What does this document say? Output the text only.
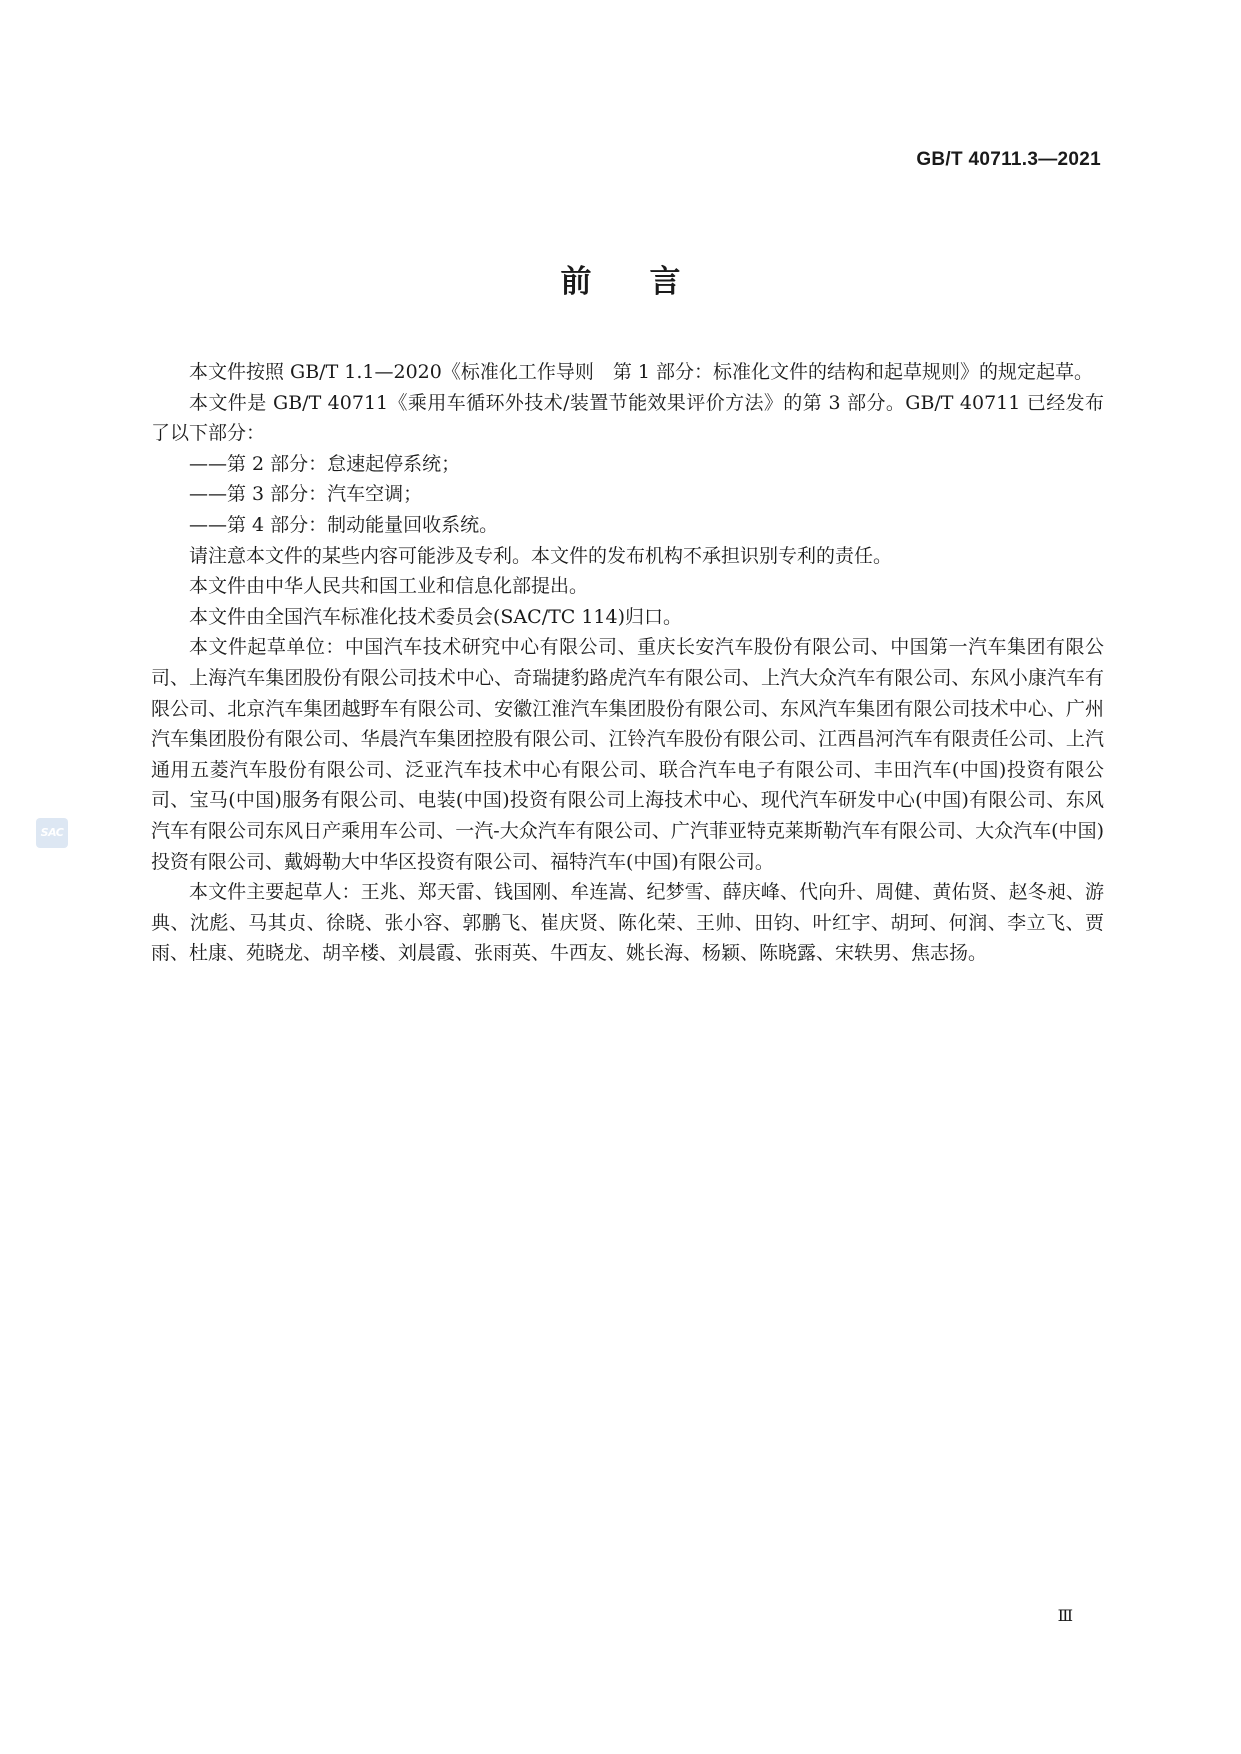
GB/T 40711.3—2021
前言

本文件按照 GB/T 1.1—2020《标准化工作导则　第 1 部分：标准化文件的结构和起草规则》的规定起草。

本文件是 GB/T 40711《乘用车循环外技术/装置节能效果评价方法》的第 3 部分。GB/T 40711 已经发布了以下部分：

——第 2 部分：怠速起停系统；

——第 3 部分：汽车空调；

——第 4 部分：制动能量回收系统。

请注意本文件的某些内容可能涉及专利。本文件的发布机构不承担识别专利的责任。

本文件由中华人民共和国工业和信息化部提出。

本文件由全国汽车标准化技术委员会(SAC/TC 114)归口。

本文件起草单位：中国汽车技术研究中心有限公司、重庆长安汽车股份有限公司、中国第一汽车集团有限公司、上海汽车集团股份有限公司技术中心、奇瑞捷豹路虎汽车有限公司、上汽大众汽车有限公司、东风小康汽车有限公司、北京汽车集团越野车有限公司、安徽江淮汽车集团股份有限公司、东风汽车集团有限公司技术中心、广州汽车集团股份有限公司、华晨汽车集团控股有限公司、江铃汽车股份有限公司、江西昌河汽车有限责任公司、上汽通用五菱汽车股份有限公司、泛亚汽车技术中心有限公司、联合汽车电子有限公司、丰田汽车(中国)投资有限公司、宝马(中国)服务有限公司、电装(中国)投资有限公司上海技术中心、现代汽车研发中心(中国)有限公司、东风汽车有限公司东风日产乘用车公司、一汽-大众汽车有限公司、广汽菲亚特克莱斯勒汽车有限公司、大众汽车(中国)投资有限公司、戴姆勒大中华区投资有限公司、福特汽车(中国)有限公司。

本文件主要起草人：王兆、郑天雷、钱国刚、牟连嵩、纪梦雪、薛庆峰、代向升、周健、黄佑贤、赵冬昶、游典、沈彪、马其贞、徐晓、张小容、郭鹏飞、崔庆贤、陈化荣、王帅、田钧、叶红宇、胡珂、何润、李立飞、贾雨、杜康、苑晓龙、胡辛楼、刘晨霞、张雨英、牛西友、姚长海、杨颖、陈晓露、宋轶男、焦志扬。

SAC
Ⅲ
